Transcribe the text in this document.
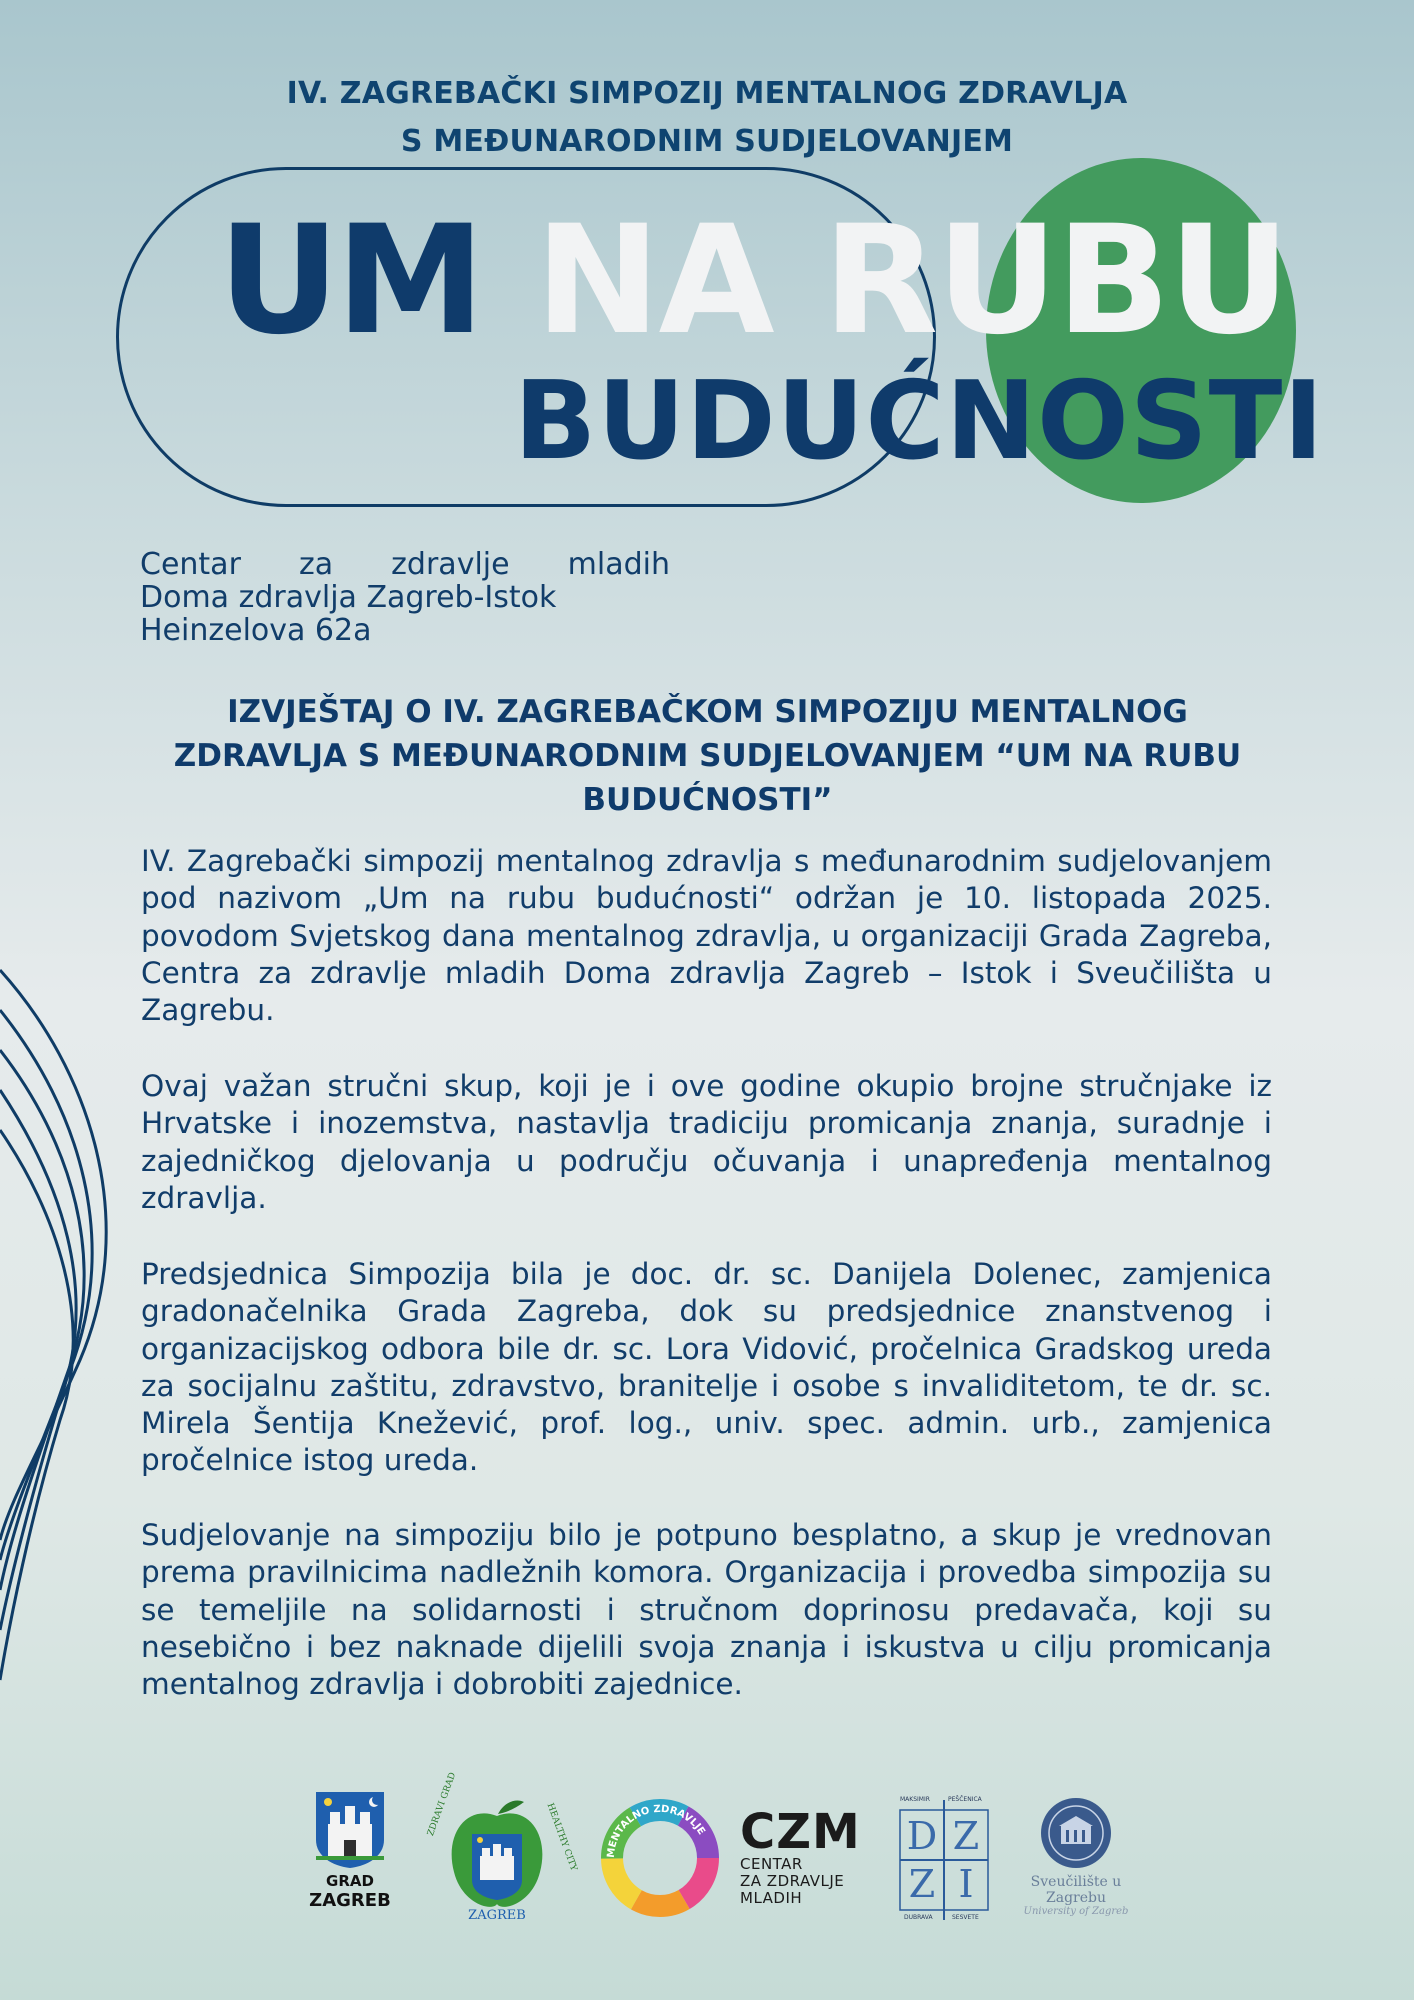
IV. ZAGREBAČKI SIMPOZIJ MENTALNOG ZDRAVLJA
S MEĐUNARODNIM SUDJELOVANJEM
UM NA RUBU
BUDUĆNOSTI
Centar za zdravlje mladih
Doma zdravlja Zagreb-Istok
Heinzelova 62a
IZVJEŠTAJ O IV. ZAGREBAČKOM SIMPOZIJU MENTALNOG ZDRAVLJA S MEĐUNARODNIM SUDJELOVANJEM “UM NA RUBU BUDUĆNOSTI”
IV. Zagrebački simpozij mentalnog zdravlja s međunarodnim sudjelovanjem pod nazivom „Um na rubu budućnosti“ održan je 10. listopada 2025. povodom Svjetskog dana mentalnog zdravlja, u organizaciji Grada Zagreba, Centra za zdravlje mladih Doma zdravlja Zagreb – Istok i Sveučilišta u Zagrebu.
Ovaj važan stručni skup, koji je i ove godine okupio brojne stručnjake iz Hrvatske i inozemstva, nastavlja tradiciju promicanja znanja, suradnje i zajedničkog djelovanja u području očuvanja i unapređenja mentalnog zdravlja.
Predsjednica Simpozija bila je doc. dr. sc. Danijela Dolenec, zamjenica gradonačelnika Grada Zagreba, dok su predsjednice znanstvenog i organizacijskog odbora bile dr. sc. Lora Vidović, pročelnica Gradskog ureda za socijalnu zaštitu, zdravstvo, branitelje i osobe s invaliditetom, te dr. sc. Mirela Šentija Knežević, prof. log., univ. spec. admin. urb., zamjenica pročelnice istog ureda.
Sudjelovanje na simpoziju bilo je potpuno besplatno, a skup je vrednovan prema pravilnicima nadležnih komora. Organizacija i provedba simpozija su se temeljile na solidarnosti i stručnom doprinosu predavača, koji su nesebično i bez naknade dijelili svoja znanja i iskustva u cilju promicanja mentalnog zdravlja i dobrobiti zajednice.
GRAD
ZAGREB
ZDRAVI GRAD	HEALTHY CITY
ZAGREB
MENTALNO ZDRAVLJE CZM
CENTAR
ZA ZDRAVLJE
MLADIH
MAKSIMIR	PEŠČENICA
D Z
Z I
DUBRAVA	SESVETE
Sveučilište u
Zagrebu
University of Zagreb
